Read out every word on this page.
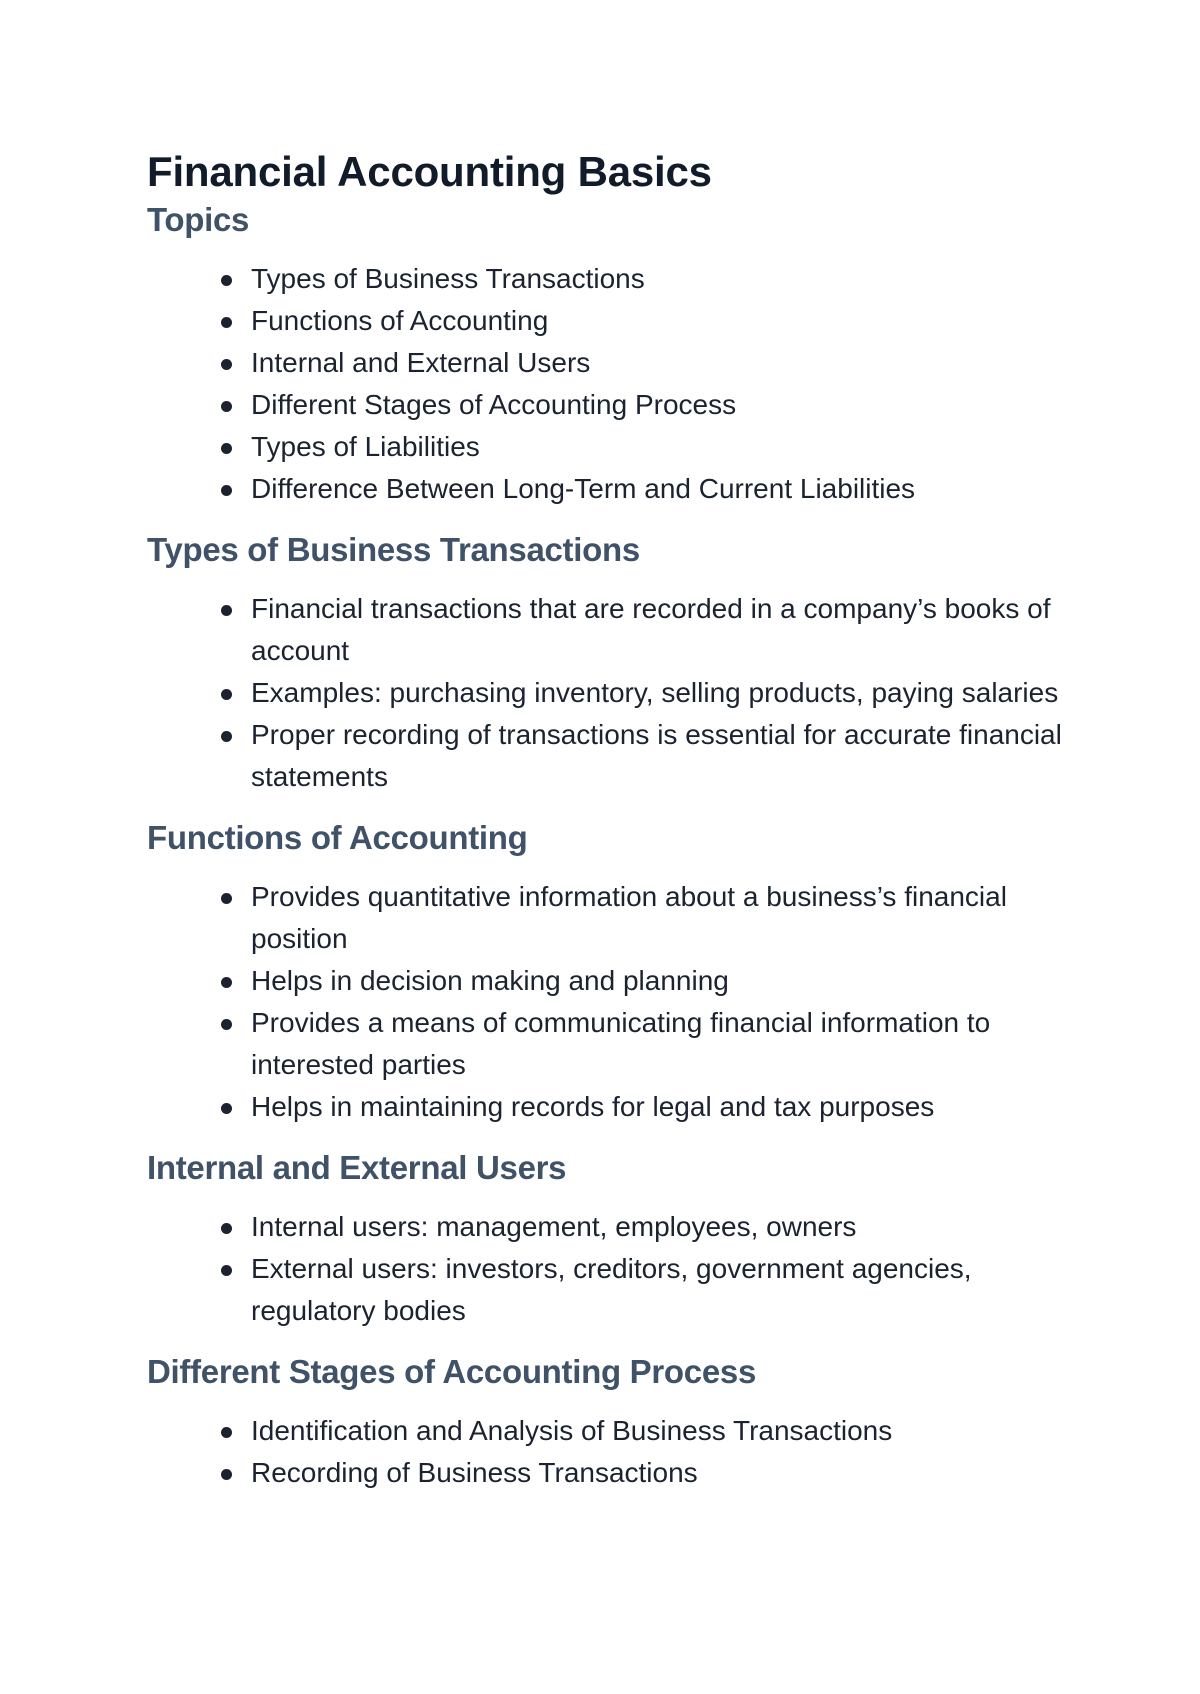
Financial Accounting Basics
Topics
Types of Business Transactions
Functions of Accounting
Internal and External Users
Different Stages of Accounting Process
Types of Liabilities
Difference Between Long-Term and Current Liabilities
Types of Business Transactions
Financial transactions that are recorded in a company’s books of account
Examples: purchasing inventory, selling products, paying salaries
Proper recording of transactions is essential for accurate financial statements
Functions of Accounting
Provides quantitative information about a business’s financial position
Helps in decision making and planning
Provides a means of communicating financial information to interested parties
Helps in maintaining records for legal and tax purposes
Internal and External Users
Internal users: management, employees, owners
External users: investors, creditors, government agencies, regulatory bodies
Different Stages of Accounting Process
Identification and Analysis of Business Transactions
Recording of Business Transactions
